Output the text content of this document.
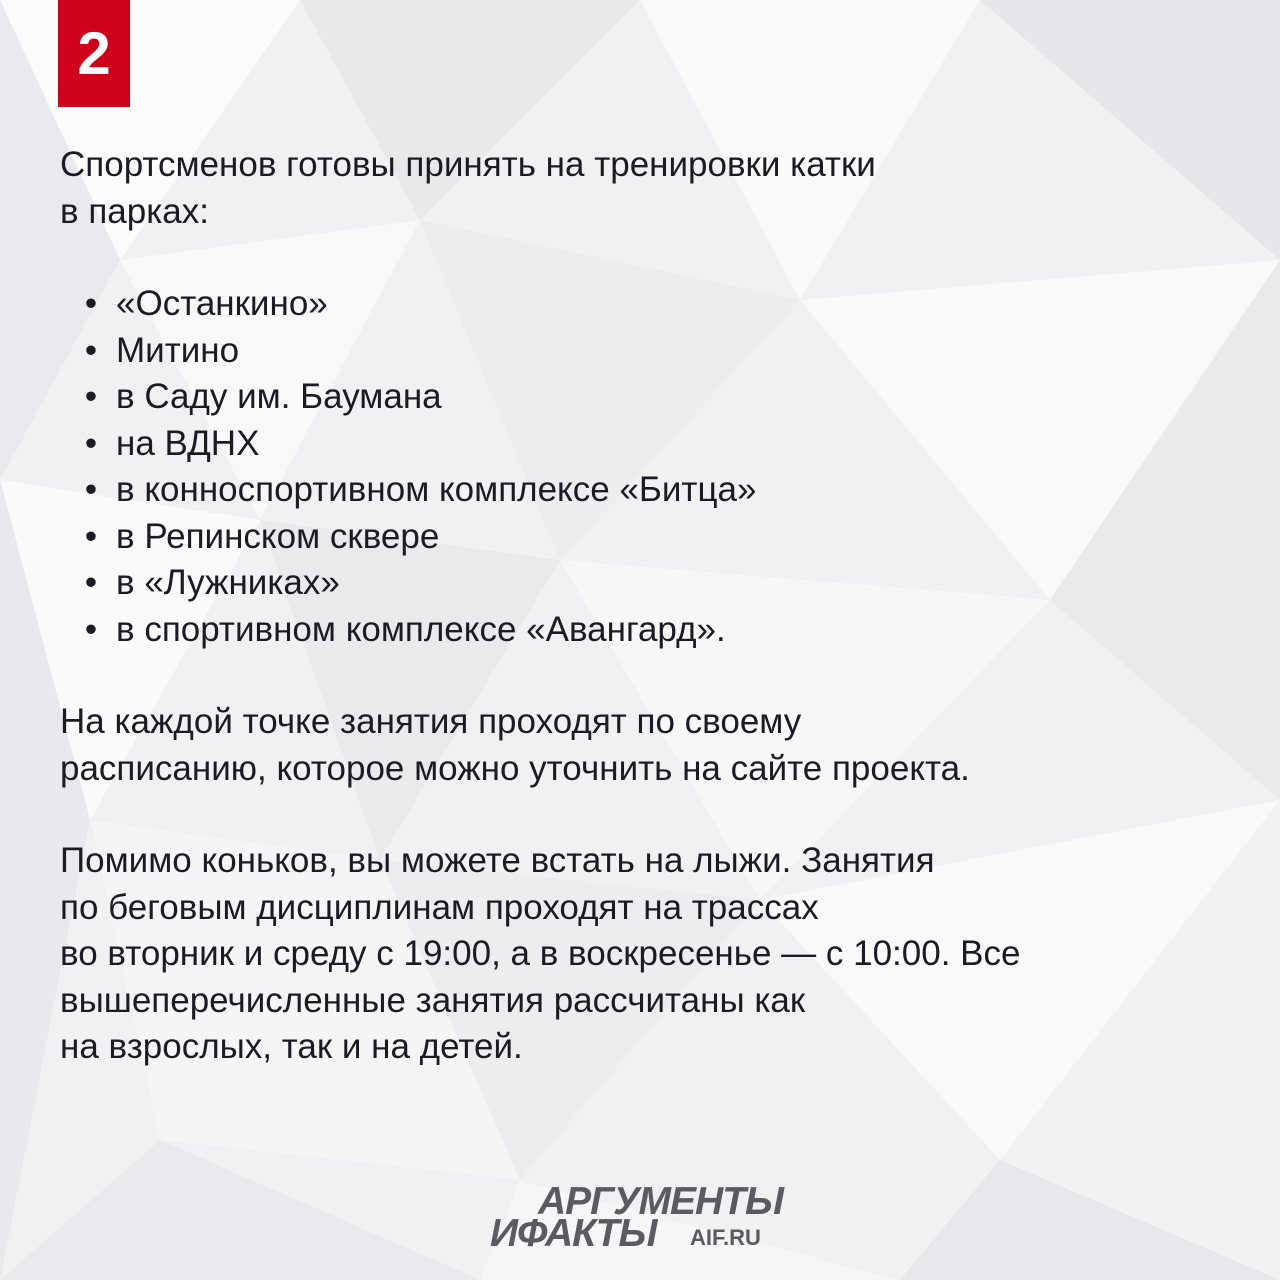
2

Спортсменов готовы принять на тренировки катки
в парках:

• «Останкино»
• Митино
• в Саду им. Баумана
• на ВДНХ
• в конноспортивном комплексе «Битца»
• в Репинском сквере
• в «Лужниках»
• в спортивном комплексе «Авангард».

На каждой точке занятия проходят по своему
расписанию, которое можно уточнить на сайте проекта.

Помимо коньков, вы можете встать на лыжи. Занятия
по беговым дисциплинам проходят на трассах
во вторник и среду с 19:00, а в воскресенье — с 10:00. Все
вышеперечисленные занятия рассчитаны как
на взрослых, так и на детей.

АРГУМЕНТЫ
ИФАКТЫ AIF.RU
